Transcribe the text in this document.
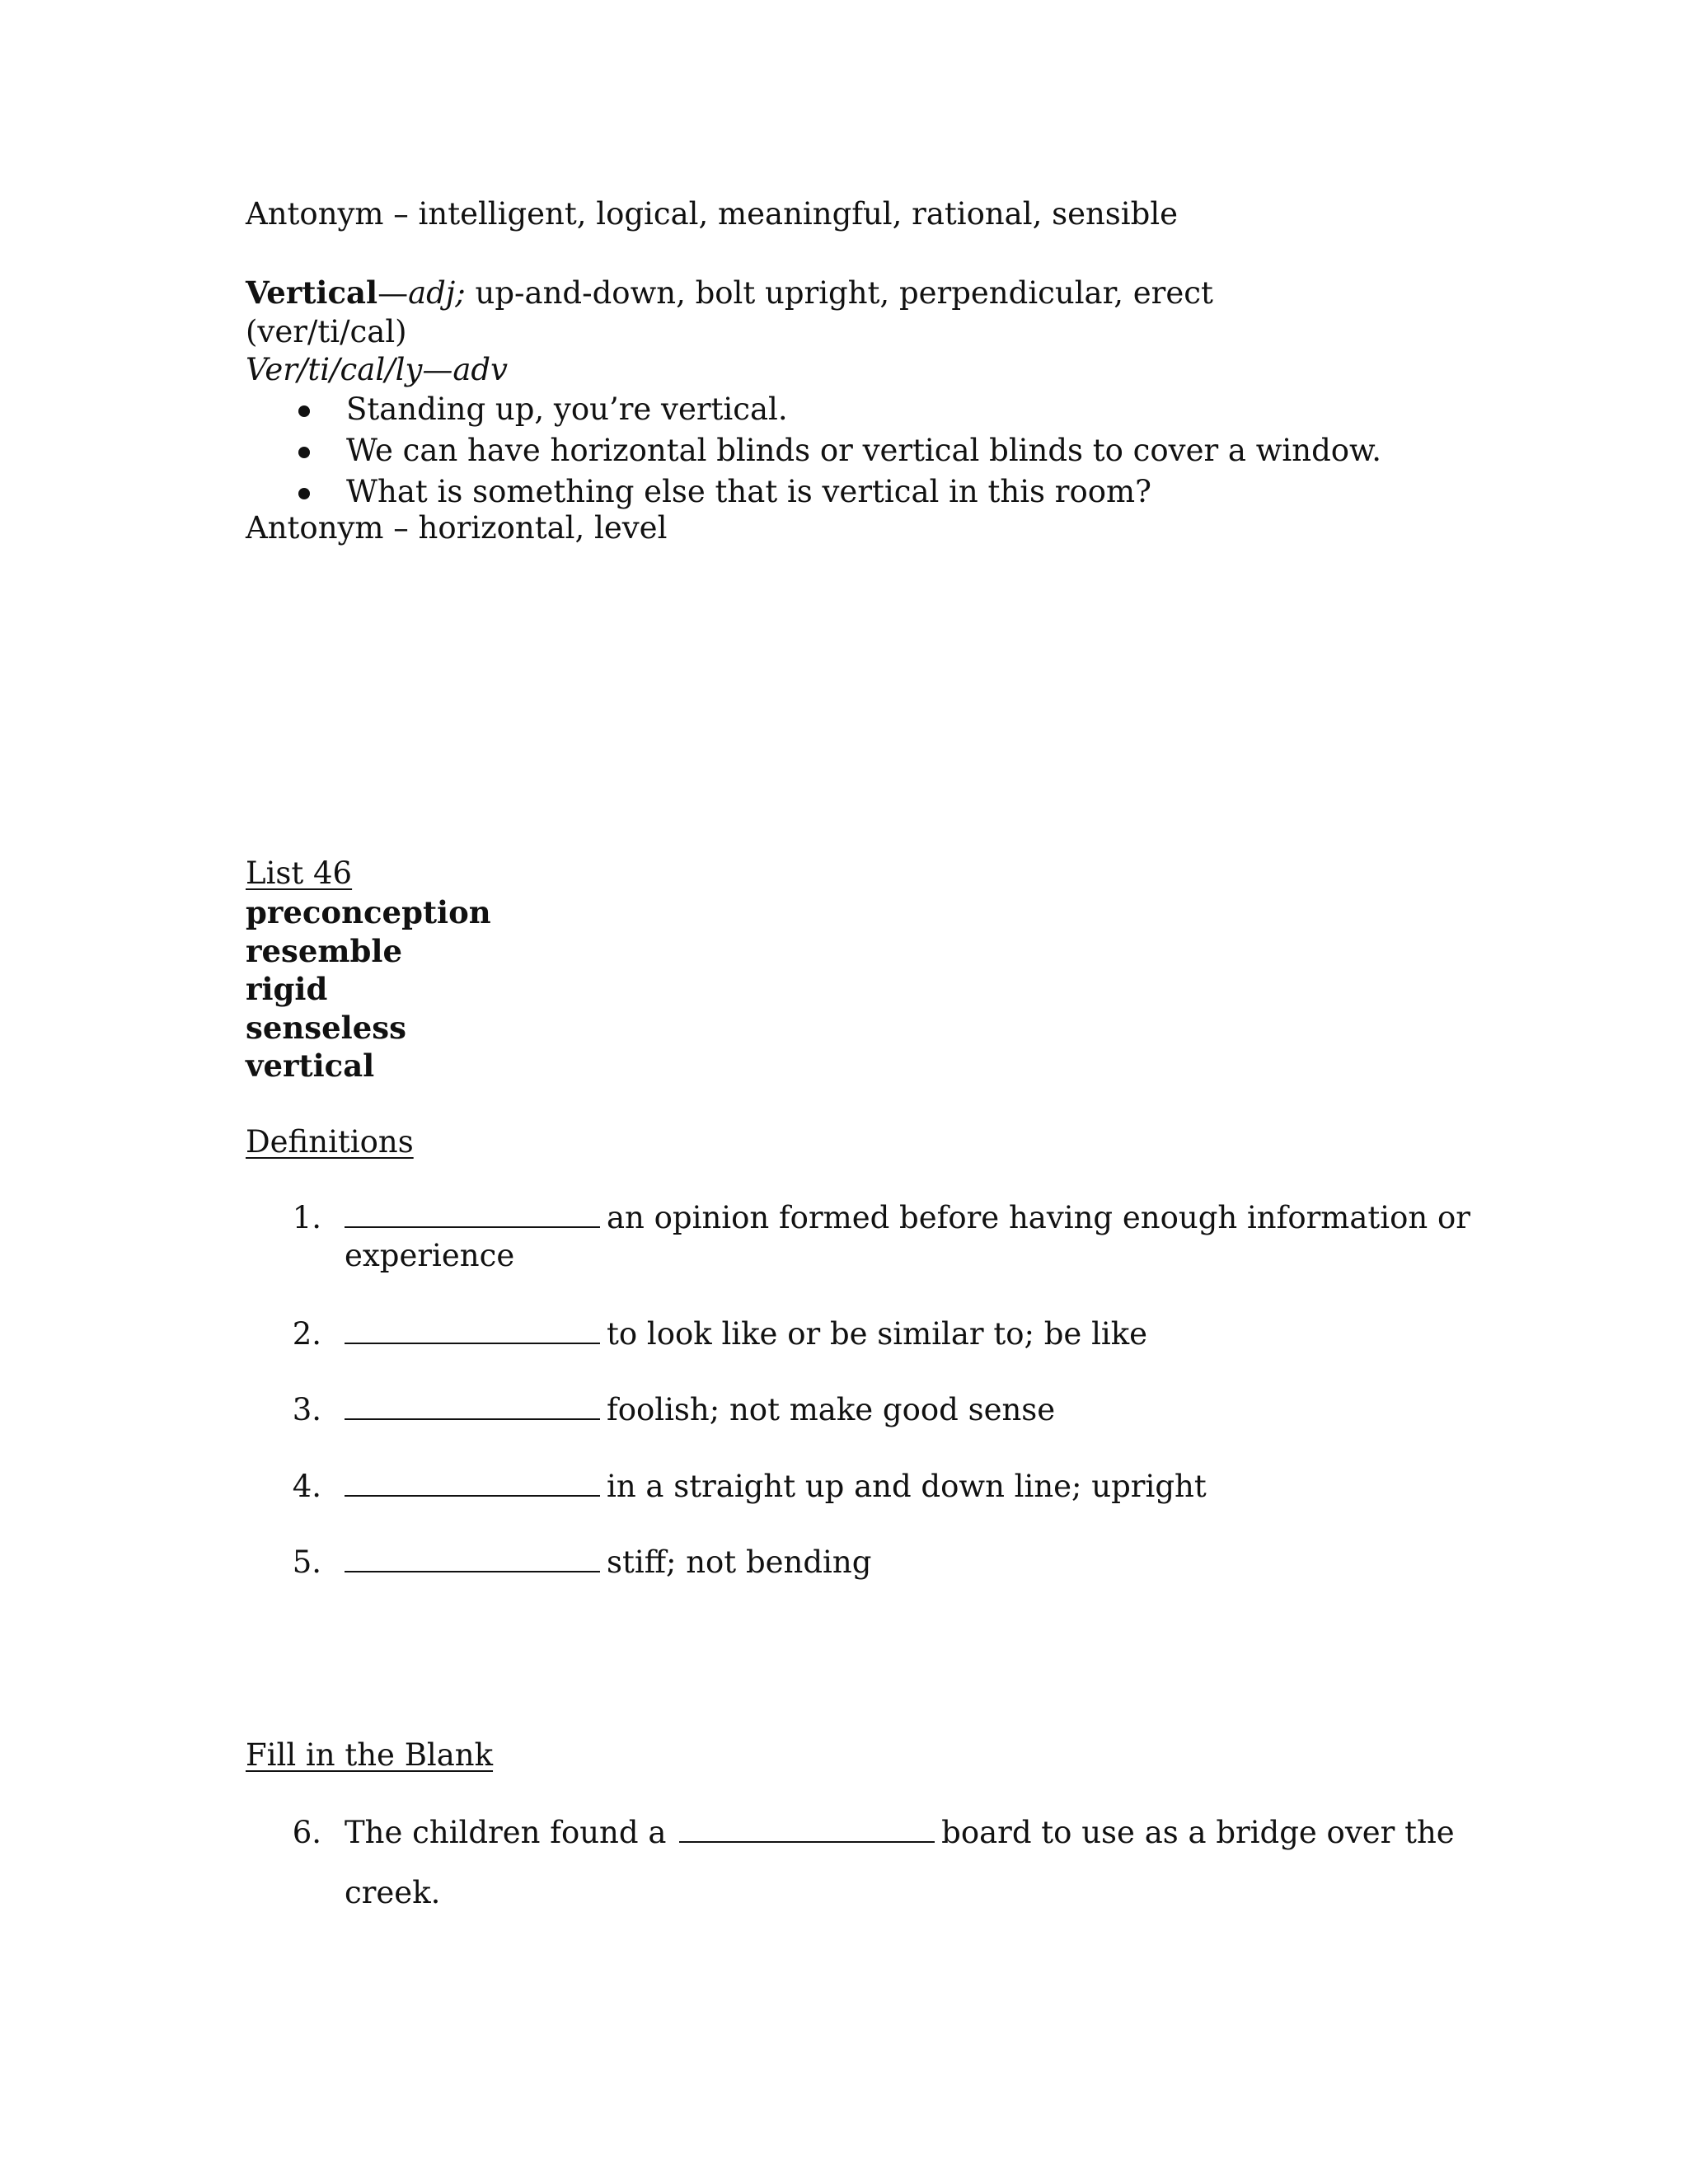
Antonym – intelligent, logical, meaningful, rational, sensible
Vertical—adj; up-and-down, bolt upright, perpendicular, erect
(ver/ti/cal)
Ver/ti/cal/ly—adv
Standing up, you’re vertical.
We can have horizontal blinds or vertical blinds to cover a window.
What is something else that is vertical in this room?
Antonym – horizontal, level
List 46
preconception
resemble
rigid
senseless
vertical
Definitions
1.	an opinion formed before having enough information or
experience
2.	to look like or be similar to; be like
3.	foolish; not make good sense
4.	in a straight up and down line; upright
5.	stiff; not bending
Fill in the Blank
6. The children found a	board to use as a bridge over the
creek.
